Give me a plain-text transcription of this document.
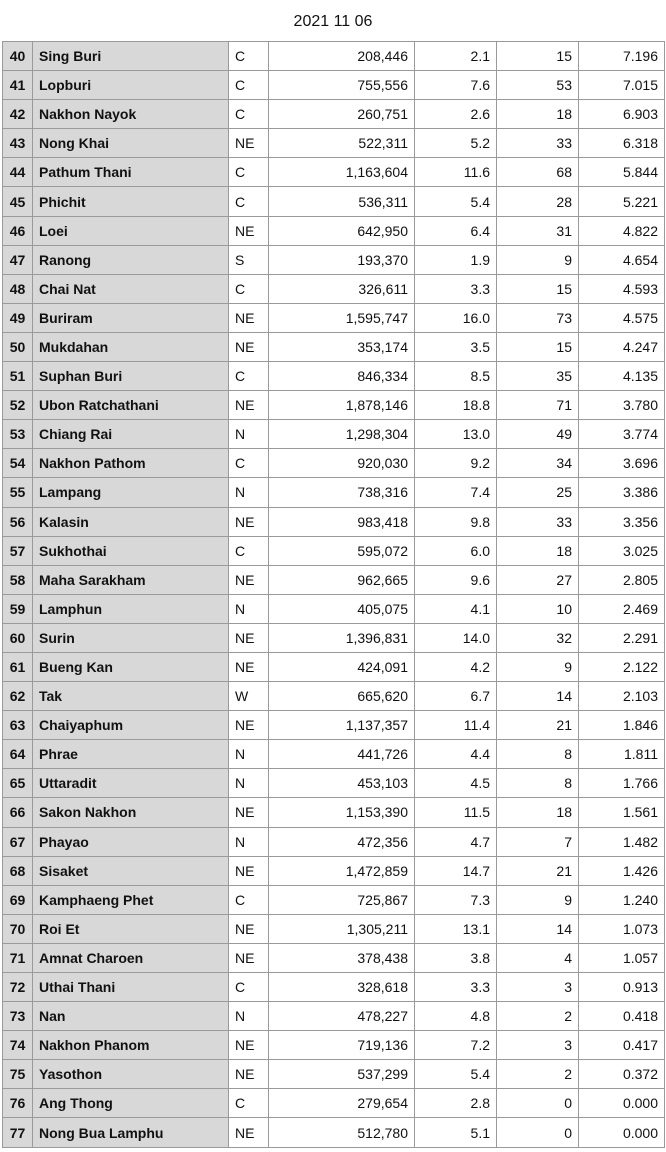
2021 11 06
40	Sing Buri	C	208,446	2.1	15	7.196
41	Lopburi	C	755,556	7.6	53	7.015
42	Nakhon Nayok	C	260,751	2.6	18	6.903
43	Nong Khai	NE	522,311	5.2	33	6.318
44	Pathum Thani	C	1,163,604	11.6	68	5.844
45	Phichit	C	536,311	5.4	28	5.221
46	Loei	NE	642,950	6.4	31	4.822
47	Ranong	S	193,370	1.9	9	4.654
48	Chai Nat	C	326,611	3.3	15	4.593
49	Buriram	NE	1,595,747	16.0	73	4.575
50	Mukdahan	NE	353,174	3.5	15	4.247
51	Suphan Buri	C	846,334	8.5	35	4.135
52	Ubon Ratchathani	NE	1,878,146	18.8	71	3.780
53	Chiang Rai	N	1,298,304	13.0	49	3.774
54	Nakhon Pathom	C	920,030	9.2	34	3.696
55	Lampang	N	738,316	7.4	25	3.386
56	Kalasin	NE	983,418	9.8	33	3.356
57	Sukhothai	C	595,072	6.0	18	3.025
58	Maha Sarakham	NE	962,665	9.6	27	2.805
59	Lamphun	N	405,075	4.1	10	2.469
60	Surin	NE	1,396,831	14.0	32	2.291
61	Bueng Kan	NE	424,091	4.2	9	2.122
62	Tak	W	665,620	6.7	14	2.103
63	Chaiyaphum	NE	1,137,357	11.4	21	1.846
64	Phrae	N	441,726	4.4	8	1.811
65	Uttaradit	N	453,103	4.5	8	1.766
66	Sakon Nakhon	NE	1,153,390	11.5	18	1.561
67	Phayao	N	472,356	4.7	7	1.482
68	Sisaket	NE	1,472,859	14.7	21	1.426
69	Kamphaeng Phet	C	725,867	7.3	9	1.240
70	Roi Et	NE	1,305,211	13.1	14	1.073
71	Amnat Charoen	NE	378,438	3.8	4	1.057
72	Uthai Thani	C	328,618	3.3	3	0.913
73	Nan	N	478,227	4.8	2	0.418
74	Nakhon Phanom	NE	719,136	7.2	3	0.417
75	Yasothon	NE	537,299	5.4	2	0.372
76	Ang Thong	C	279,654	2.8	0	0.000
77	Nong Bua Lamphu	NE	512,780	5.1	0	0.000
